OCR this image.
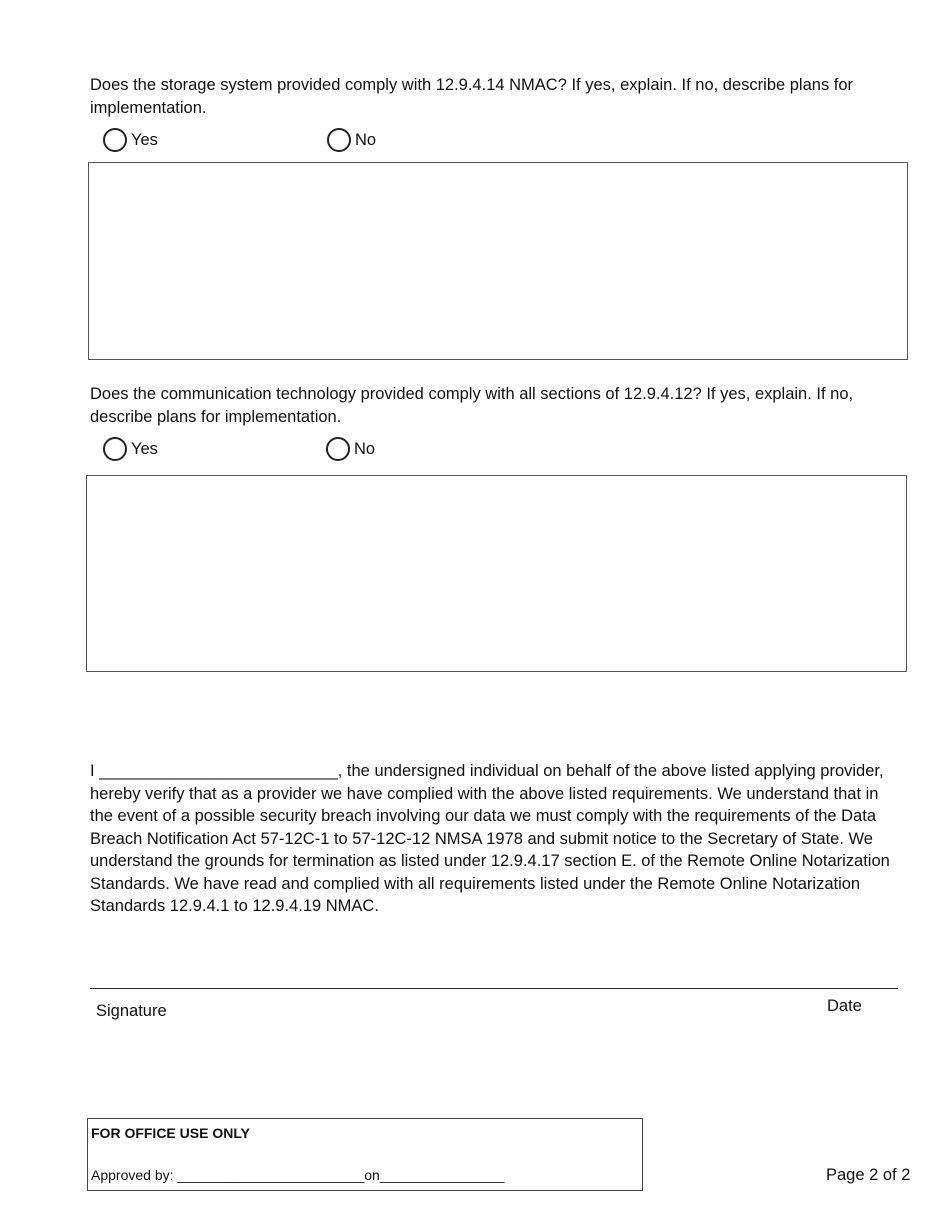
Does the storage system provided comply with 12.9.4.14 NMAC? If yes, explain. If no, describe plans for implementation.
Yes	No
Does the communication technology provided comply with all sections of 12.9.4.12? If yes, explain. If no, describe plans for implementation.
Yes	No
I __________________________, the undersigned individual on behalf of the above listed applying provider, hereby verify that as a provider we have complied with the above listed requirements. We understand that in the event of a possible security breach involving our data we must comply with the requirements of the Data Breach Notification Act 57-12C-1 to 57-12C-12 NMSA 1978 and submit notice to the Secretary of State. We understand the grounds for termination as listed under 12.9.4.17 section E. of the Remote Online Notarization Standards. We have read and complied with all requirements listed under the Remote Online Notarization Standards 12.9.4.1 to 12.9.4.19 NMAC.
Signature	Date
FOR OFFICE USE ONLY
Approved by: ________________________on________________	Page 2 of 2
